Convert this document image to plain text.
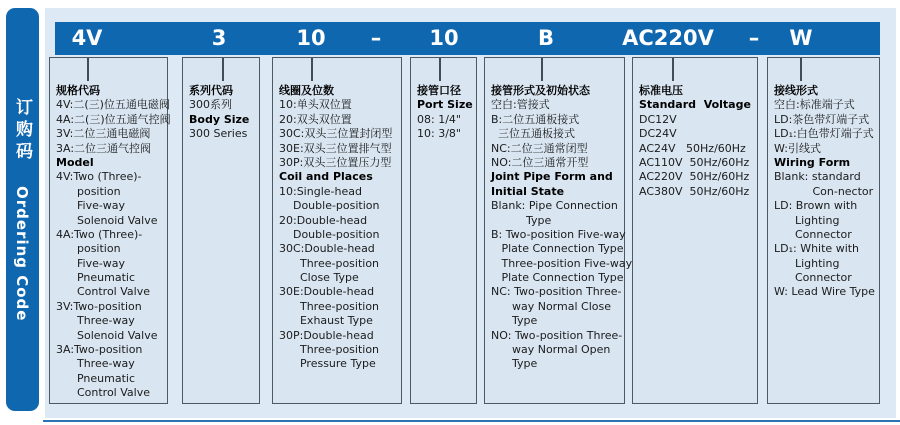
订购码 Ordering Code
4V	3	10 – 10	B	AC220V – W
规格代码
4V:二(三)位五通电磁阀
4A:二(三)位五通气控阀
3V:二位三通电磁阀
3A:二位三通气控阀
Model
4V:Two (Three)-
position
Five-way
Solenoid Valve
4A:Two (Three)-
position
Five-way
Pneumatic
Control Valve
3V:Two-position
Three-way
Solenoid Valve
3A:Two-position
Three-way
Pneumatic
Control Valve
系列代码
300系列
Body Size
300 Series
线圈及位数
10:单头双位置
20:双头双位置
30C:双头三位置封闭型
30E:双头三位置排气型
30P:双头三位置压力型
Coil and Places
10:Single-head
Double-position
20:Double-head
Double-position
30C:Double-head
Three-position
Close Type
30E:Double-head
Three-position
Exhaust Type
30P:Double-head
Three-position
Pressure Type
接管口径
Port Size
08: 1/4"
10: 3/8"
接管形式及初始状态
空白:管接式
B:二位五通板接式
三位五通板接式
NC:二位三通常闭型
NO:二位三通常开型
Joint Pipe Form and
Initial State
Blank: Pipe Connection
Type
B: Two-position Five-way
Plate Connection Type
Three-position Five-way
Plate Connection Type
NC: Two-position Three-
way Normal Close
Type
NO: Two-position Three-
way Normal Open
Type
标准电压
Standard  Voltage
DC12V
DC24V
AC24V   50Hz/60Hz
AC110V  50Hz/60Hz
AC220V  50Hz/60Hz
AC380V  50Hz/60Hz
接线形式
空白:标准端子式
LD:茶色带灯端子式
LD₁:白色带灯端子式
W:引线式
Wiring Form
Blank: standard
Con-nector
LD: Brown with
Lighting
Connector
LD₁: White with
Lighting
Connector
W: Lead Wire Type
